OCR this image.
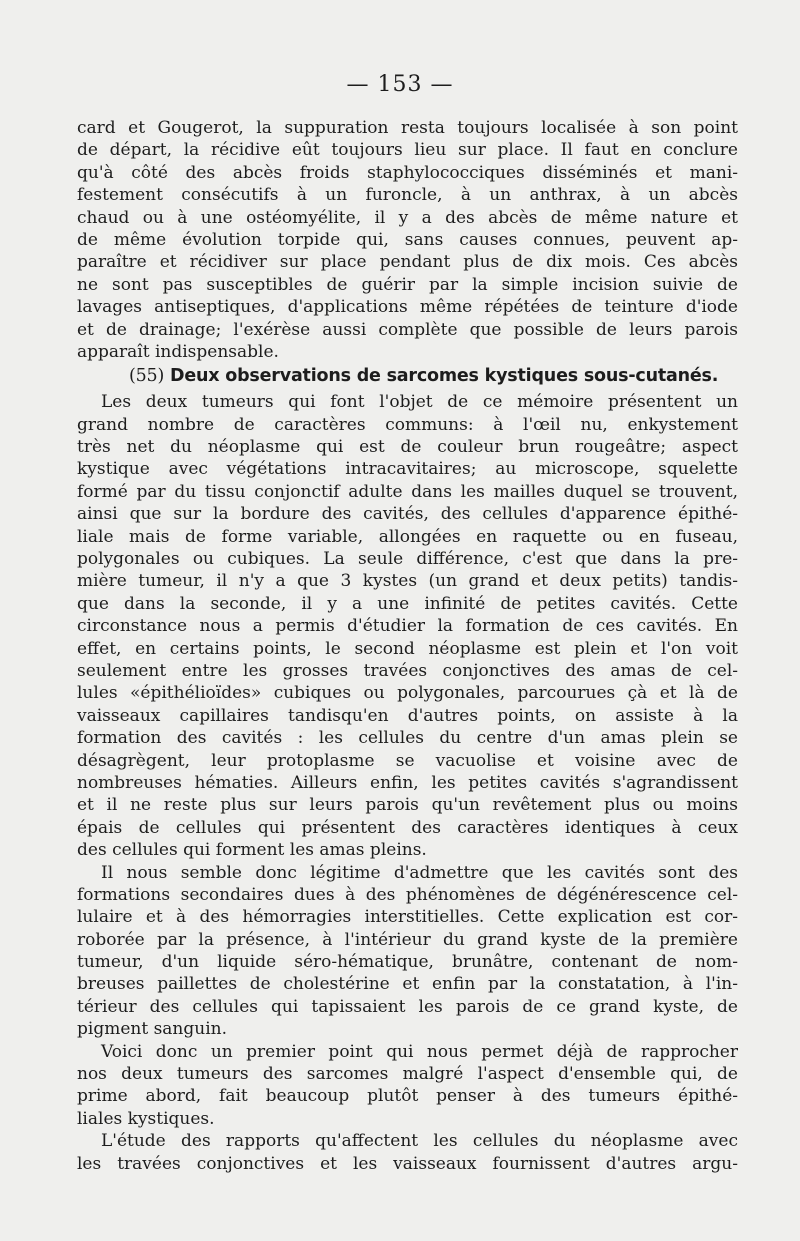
— 153 —
card et Gougerot, la suppuration resta toujours localisée à son point
de départ, la récidive eût toujours lieu sur place. Il faut en conclure
qu'à côté des abcès froids staphylococciques disséminés et mani-
festement consécutifs à un furoncle, à un anthrax, à un abcès
chaud ou à une ostéomyélite, il y a des abcès de même nature et
de même évolution torpide qui, sans causes connues, peuvent ap-
paraître et récidiver sur place pendant plus de dix mois. Ces abcès
ne sont pas susceptibles de guérir par la simple incision suivie de
lavages antiseptiques, d'applications même répétées de teinture d'iode
et de drainage; l'exérèse aussi complète que possible de leurs parois
apparaît indispensable.
(55) Deux observations de sarcomes kystiques sous-cutanés.
Les deux tumeurs qui font l'objet de ce mémoire présentent un
grand nombre de caractères communs: à l'œil nu, enkystement
très net du néoplasme qui est de couleur brun rougeâtre; aspect
kystique avec végétations intracavitaires; au microscope, squelette
formé par du tissu conjonctif adulte dans les mailles duquel se trouvent,
ainsi que sur la bordure des cavités, des cellules d'apparence épithé-
liale mais de forme variable, allongées en raquette ou en fuseau,
polygonales ou cubiques. La seule différence, c'est que dans la pre-
mière tumeur, il n'y a que 3 kystes (un grand et deux petits) tandis-
que dans la seconde, il y a une infinité de petites cavités. Cette
circonstance nous a permis d'étudier la formation de ces cavités. En
effet, en certains points, le second néoplasme est plein et l'on voit
seulement entre les grosses travées conjonctives des amas de cel-
lules «épithélioïdes» cubiques ou polygonales, parcourues çà et là de
vaisseaux capillaires tandisqu'en d'autres points, on assiste à la
formation des cavités : les cellules du centre d'un amas plein se
désagrègent, leur protoplasme se vacuolise et voisine avec de
nombreuses hématies. Ailleurs enfin, les petites cavités s'agrandissent
et il ne reste plus sur leurs parois qu'un revêtement plus ou moins
épais de cellules qui présentent des caractères identiques à ceux
des cellules qui forment les amas pleins.
Il nous semble donc légitime d'admettre que les cavités sont des
formations secondaires dues à des phénomènes de dégénérescence cel-
lulaire et à des hémorragies interstitielles. Cette explication est cor-
roborée par la présence, à l'intérieur du grand kyste de la première
tumeur, d'un liquide séro-hématique, brunâtre, contenant de nom-
breuses paillettes de cholestérine et enfin par la constatation, à l'in-
térieur des cellules qui tapissaient les parois de ce grand kyste, de
pigment sanguin.
Voici donc un premier point qui nous permet déjà de rapprocher
nos deux tumeurs des sarcomes malgré l'aspect d'ensemble qui, de
prime abord, fait beaucoup plutôt penser à des tumeurs épithé-
liales kystiques.
L'étude des rapports qu'affectent les cellules du néoplasme avec
les travées conjonctives et les vaisseaux fournissent d'autres argu-
